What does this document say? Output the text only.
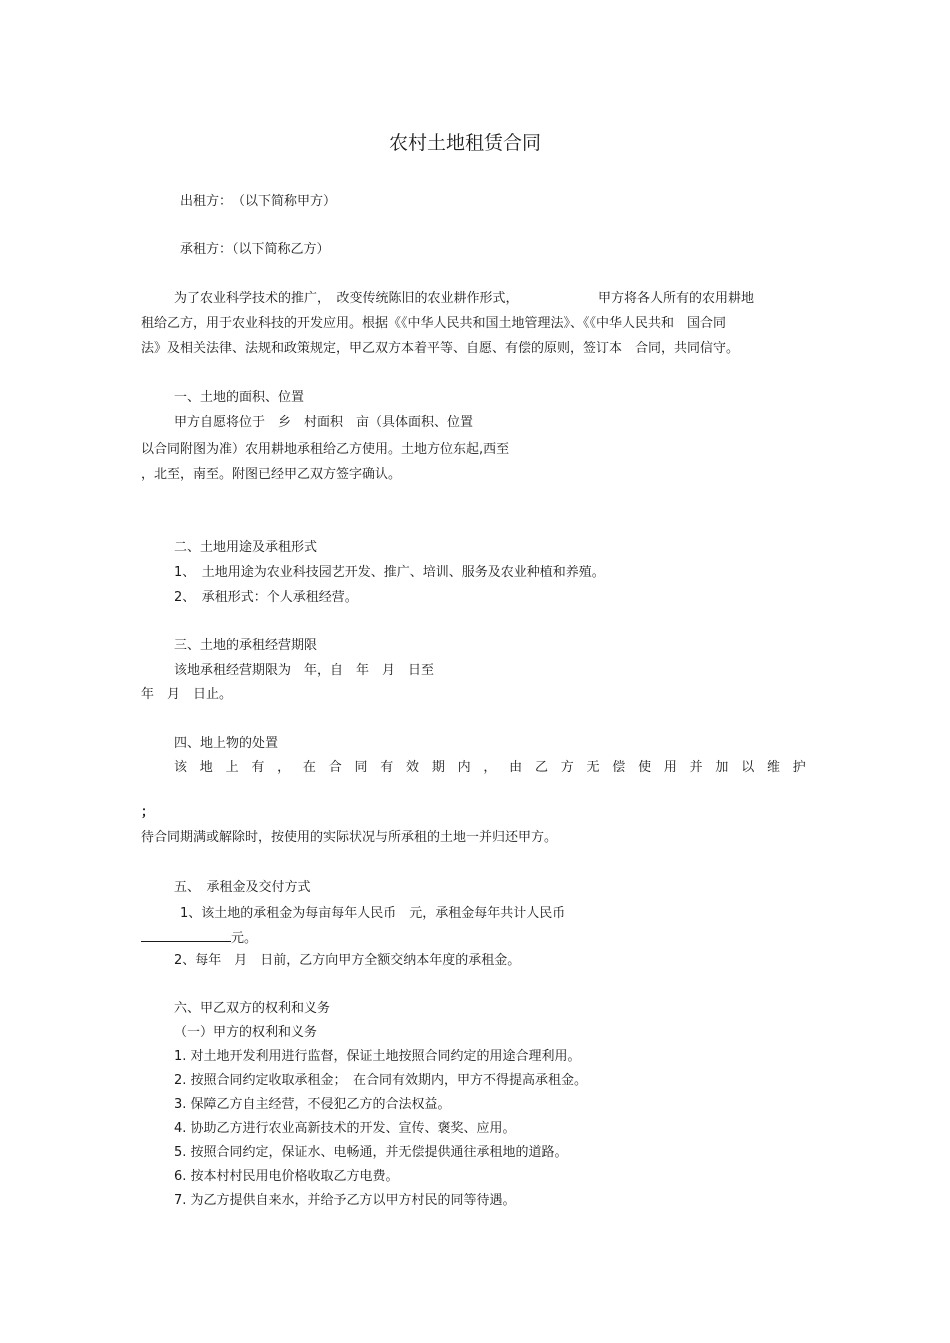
农村土地租赁合同
出租方：　（以下简称甲方）
承租方：（以下简称乙方）
为了农业科学技术的推广，　改变传统陈旧的农业耕作形式，	甲方将各人所有的农用耕地
租给乙方，用于农业科技的开发应用。根据《《中华人民共和国土地管理法》、《《中华人民共和　国合同
法》及相关法律、法规和政策规定，甲乙双方本着平等、自愿、有偿的原则，签订本　合同，共同信守。
一、土地的面积、位置
甲方自愿将位于　乡　村面积　亩（具体面积、位置
以合同附图为准）农用耕地承租给乙方使用。土地方位东起,西至
，北至，南至。附图已经甲乙双方签字确认。
二、土地用途及承租形式
1、　土地用途为农业科技园艺开发、推广、培训、服务及农业种植和养殖。
2、　承租形式：个人承租经营。
三、土地的承租经营期限
该地承租经营期限为　年，自　年　月　日至
年　月　日止。
四、地上物的处置
该 地 上 有 ， 在 合 同 有 效 期 内 ， 由 乙 方 无 偿 使 用 并 加 以 维 护
；
待合同期满或解除时，按使用的实际状况与所承租的土地一并归还甲方。
五、　承租金及交付方式
1、该土地的承租金为每亩每年人民币　元，承租金每年共计人民币
元。
2、每年　月　日前，乙方向甲方全额交纳本年度的承租金。
六、甲乙双方的权利和义务
（一）甲方的权利和义务
1. 对土地开发利用进行监督，保证土地按照合同约定的用途合理利用。
2. 按照合同约定收取承租金；　在合同有效期内，甲方不得提高承租金。
3. 保障乙方自主经营，不侵犯乙方的合法权益。
4. 协助乙方进行农业高新技术的开发、宣传、褒奖、应用。
5. 按照合同约定，保证水、电畅通，并无偿提供通往承租地的道路。
6. 按本村村民用电价格收取乙方电费。
7. 为乙方提供自来水，并给予乙方以甲方村民的同等待遇。
